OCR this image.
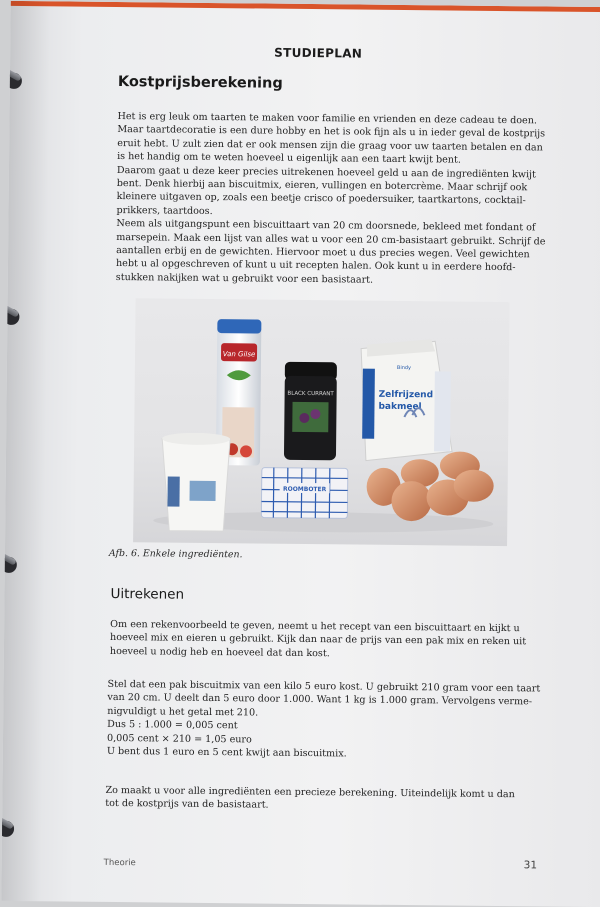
STUDIEPLAN
Kostprijsberekening
Het is erg leuk om taarten te maken voor familie en vrienden en deze cadeau te doen.
Maar taartdecoratie is een dure hobby en het is ook fijn als u in ieder geval de kostprijs
eruit hebt. U zult zien dat er ook mensen zijn die graag voor uw taarten betalen en dan
is het handig om te weten hoeveel u eigenlijk aan een taart kwijt bent.
Daarom gaat u deze keer precies uitrekenen hoeveel geld u aan de ingrediënten kwijt
bent. Denk hierbij aan biscuitmix, eieren, vullingen en botercrème. Maar schrijf ook
kleinere uitgaven op, zoals een beetje crisco of poedersuiker, taartkartons, cocktail-
prikkers, taartdoos.
Neem als uitgangspunt een biscuittaart van 20 cm doorsnede, bekleed met fondant of
marsepein. Maak een lijst van alles wat u voor een 20 cm-basistaart gebruikt. Schrijf de
aantallen erbij en de gewichten. Hiervoor moet u dus precies wegen. Veel gewichten
hebt u al opgeschreven of kunt u uit recepten halen. Ook kunt u in eerdere hoofd-
stukken nakijken wat u gebruikt voor een basistaart.
Van Gilse
BLACK CURRANT
Bindy
Zelfrijzend
bakmeel
ROOMBOTER

Afb. 6. Enkele ingrediënten.

Uitrekenen
Om een rekenvoorbeeld te geven, neemt u het recept van een biscuittaart en kijkt u
hoeveel mix en eieren u gebruikt. Kijk dan naar de prijs van een pak mix en reken uit
hoeveel u nodig heb en hoeveel dat dan kost.
Stel dat een pak biscuitmix van een kilo 5 euro kost. U gebruikt 210 gram voor een taart
van 20 cm. U deelt dan 5 euro door 1.000. Want 1 kg is 1.000 gram. Vervolgens verme-
nigvuldigt u het getal met 210.
Dus 5 : 1.000 = 0,005 cent
0,005 cent × 210 = 1,05 euro
U bent dus 1 euro en 5 cent kwijt aan biscuitmix.
Zo maakt u voor alle ingrediënten een precieze berekening. Uiteindelijk komt u dan
tot de kostprijs van de basistaart.
Theorie	31
